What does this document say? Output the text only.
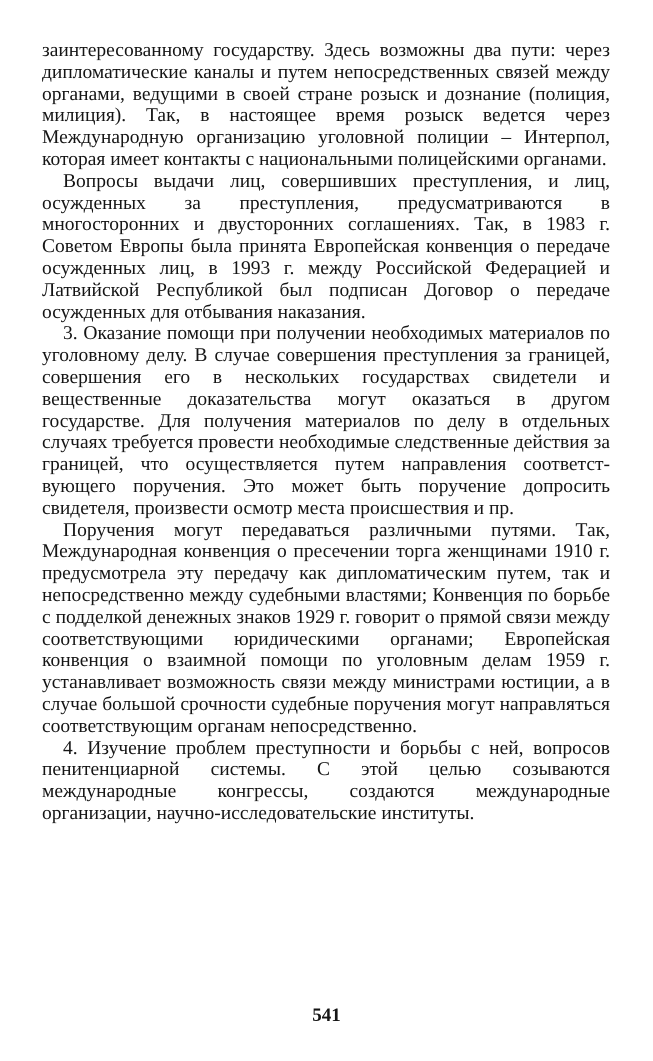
заинтересованному государству. Здесь возможны два пути: через дипломатические каналы и путем непосредственных связей между органами, ведущими в своей стране розыск и дознание (полиция, милиция). Так, в настоящее время розыск ведется через Международную организацию уголовной полиции – Интерпол, которая имеет контакты с национальными полицейскими органами.

Вопросы выдачи лиц, совершивших преступления, и лиц, осужденных за преступления, предусматриваются в многосторонних и двусторонних соглашениях. Так, в 1983 г. Советом Европы была принята Европейская конвенция о передаче осужденных лиц, в 1993 г. между Российской Федерацией и Латвийской Республикой был подписан Договор о передаче осужденных для отбывания наказания.

3. Оказание помощи при получении необходимых материалов по уголовному делу. В случае совершения преступления за границей, совершения его в нескольких государствах свидетели и вещественные доказательства могут оказаться в другом государстве. Для получения материалов по делу в отдельных случаях требуется провести необходимые следственные действия за границей, что осуществляется путем направления соответствующего поручения. Это может быть поручение допросить свидетеля, произвести осмотр места происшествия и пр.

Поручения могут передаваться различными путями. Так, Международная конвенция о пресечении торга женщинами 1910 г. предусмотрела эту передачу как дипломатическим путем, так и непосредственно между судебными властями; Конвенция по борьбе с подделкой денежных знаков 1929 г. говорит о прямой связи между соответствующими юридическими органами; Европейская конвенция о взаимной помощи по уголовным делам 1959 г. устанавливает возможность связи между министрами юстиции, а в случае большой срочности судебные поручения могут направляться соответствующим органам непосредственно.

4. Изучение проблем преступности и борьбы с ней, вопросов пенитенциарной системы. С этой целью созываются международные конгрессы, создаются международные организации, научно-исследовательские институты.

541
